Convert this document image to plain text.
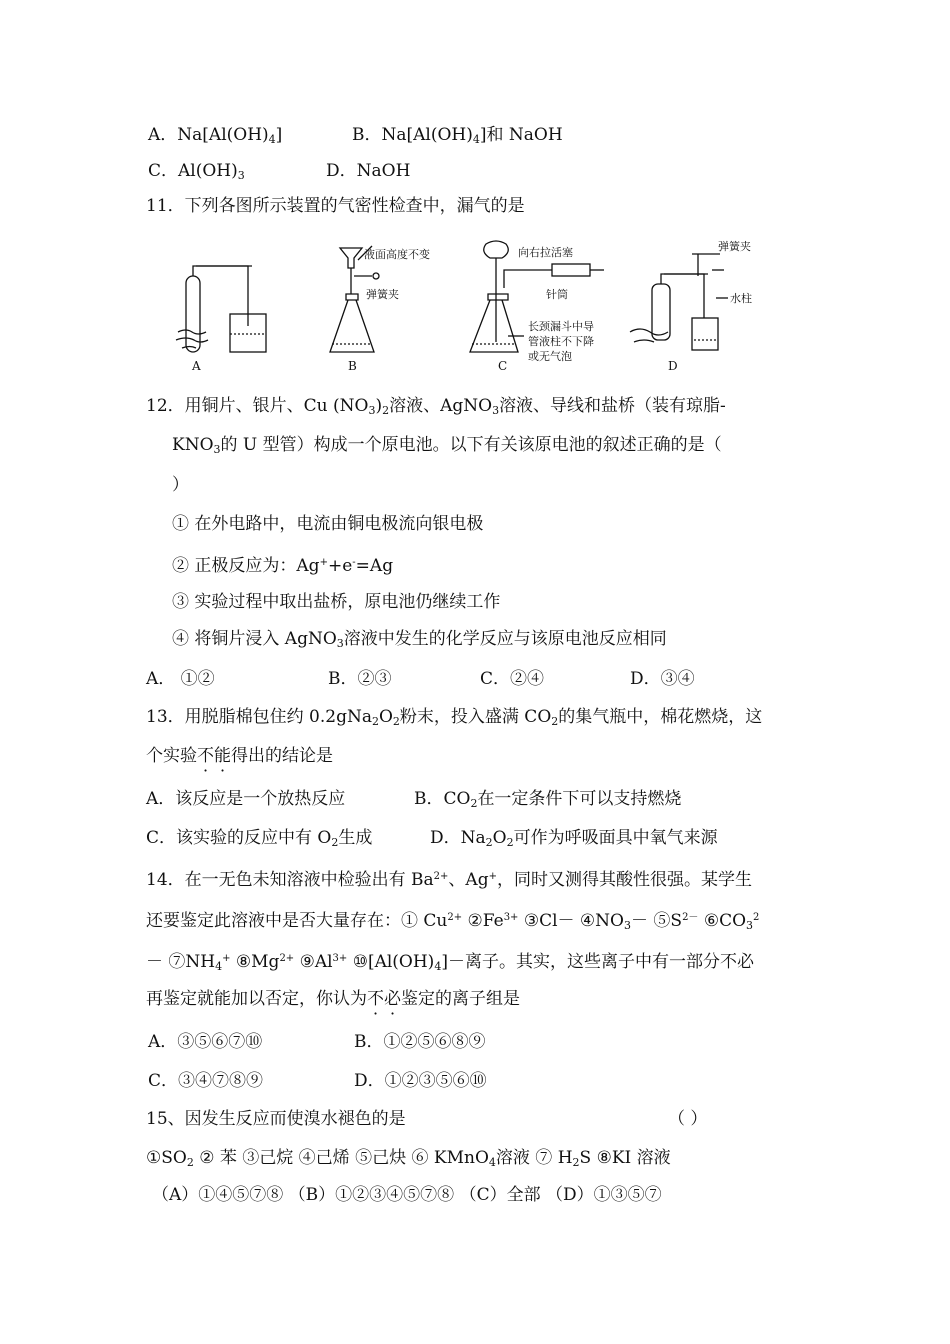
A．$Na[Al(OH)_4]$	B．$Na[Al(OH)_4]$和 NaOH
C．$Al(OH)_3$	D．NaOH
11．下列各图所示装置的气密性检查中，漏气的是
A	B	C	D
液面高度不变
弹簧夹
向右拉活塞
针筒
长颈漏斗中导
管液柱不下降
或无气泡
弹簧夹
水柱
12．用铜片、银片、Cu $(NO_3)_2$溶液、AgNO$_3$溶液、导线和盐桥（装有琼脂-
$KNO_3$的 U 型管）构成一个原电池。以下有关该原电池的叙述正确的是（
）
① 在外电路中，电流由铜电极流向银电极
② 正极反应为：Ag++e-=Ag
③ 实验过程中取出盐桥，原电池仍继续工作
④ 将铜片浸入 AgNO$_3$溶液中发生的化学反应与该原电池反应相同
A． ①②	B．②③	C．②④	D．③④
13．用脱脂棉包住约 $0.2gNa_2O_2$粉末，投入盛满 $CO_2$的集气瓶中，棉花燃烧，这
个实验不能得出的结论是
A．该反应是一个放热反应	B．$CO_2$在一定条件下可以支持燃烧
C．该实验的反应中有 $O_2$生成	D．$Na_2O_2$可作为呼吸面具中氧气来源
14．在一无色未知溶液中检验出有 $Ba^{2+}$、Ag+，同时又测得其酸性很强。某学生
还要鉴定此溶液中是否大量存在：① $Cu^{2+}$ $②Fe^{3+}$ ③Cl－ $④NO_3-$ $⑤S^{2-}$ $⑥CO_3^2$
－ $⑦NH_4^+$ $⑧Mg^{2+}$ $⑨Al^{3+}$ $⑩[Al(OH)_4]-$离子。其实，这些离子中有一部分不必
再鉴定就能加以否定，你认为不必鉴定的离子组是
A．③⑤⑥⑦⑩	B．①②⑤⑥⑧⑨
C．③④⑦⑧⑨	D．①②③⑤⑥⑩
15、因发生反应而使溴水褪色的是	（ ）
$①SO_2$ ② 苯 ③己烷 ④己烯 ⑤己炔 ⑥ KMnO$_4$溶液 ⑦ $H_2S$ ⑧KI 溶液
（A）①④⑤⑦⑧ （B）①②③④⑤⑦⑧ （C）全部 （D）①③⑤⑦
